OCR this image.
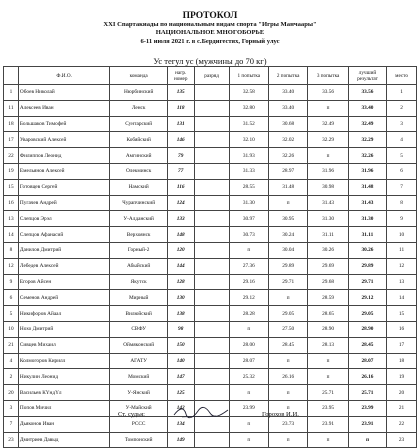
ПРОТОКОЛ
XXI Спартакиады по национальным видам спорта "Игры Манчаары"
НАЦИОНАЛЬНОЕ МНОГОБОРЬЕ
6-11 июля 2021 г. в с.Бердигестях, Горный улус
Ус тегул ус (мужчины до 70 кг)
	Ф.И.О.	команда	нагр. номер	разряд	1 попытка	2 попытка	3 попытка	лучший результат	место
1	Обоев Николай	Нюрбинский	135		32.58	33.40	33.56	33.56	1
11	Алексеев Иван	Ленск	118		32.80	33.40	п	33.40	2
18	Большаков Тимофей	Сунтарский	131		31.52	30.68	32.49	32.49	3
17	Уваровский Алексей	Кобяйский	146		32.10	32.02	32.29	32.29	4
22	Филиппов Леонид	Амгинский	79		31.93	32.26	п	32.26	5
19	Емельянов Алексей	Олекминск	77		31.33	28.97	31.96	31.96	6
15	Готовцев Сергей	Намский	116		28.55	31.48	30.98	31.48	7
16	Пугачев Андрей	Чурапчинский	124		31.30	п	31.43	31.43	8
13	Слепцов Эрэл	У-Алданский	133		30.97	30.95	31.30	31.30	9
14	Слепцов Афанасий	Верхоянск	148		30.73	30.24	31.11	31.11	10
8	Данилов Дмитрий	Горный-2	120		п	30.04	30.26	30.26	11
12	Лебедев Алексей	Абыйский	144		27.36	29.89	29.69	29.89	12
9	Егоров Айсен	Якутск	128		29.16	29.71	29.68	29.71	13
6	Семенов Андрей	Мирный	130		29.12	п	28.59	29.12	14
5	Никифоров Айаал	Вилюйский	138		28.28	29.05	28.65	29.05	15
10	Нохо Дмитрий	СВФУ	98		п	27.50	28.90	28.90	16
21	Сивцев Михаил	Оймяконский	150		28.00	28.45	28.13	28.45	17
4	Колмогоров Кирилл	АГАТУ	140		28.07	п	п	28.07	18
2	Никулин Леонид	Момский	147		25.32	26.16	п	26.16	19
20	Васильев КҮндҮл	У-Янский	125		п	п	25.71	25.71	20
3	Попов Мичил	У-Майский	142		23.99	п	23.95	23.99	21
7	Дьяконов Иван	РССС	134		п	23.73	23.91	23.91	22
23	Дмитриев Давыд	Томпонский	149		п	п	п	п	23
Ст. судья:	Горохов И.И.
